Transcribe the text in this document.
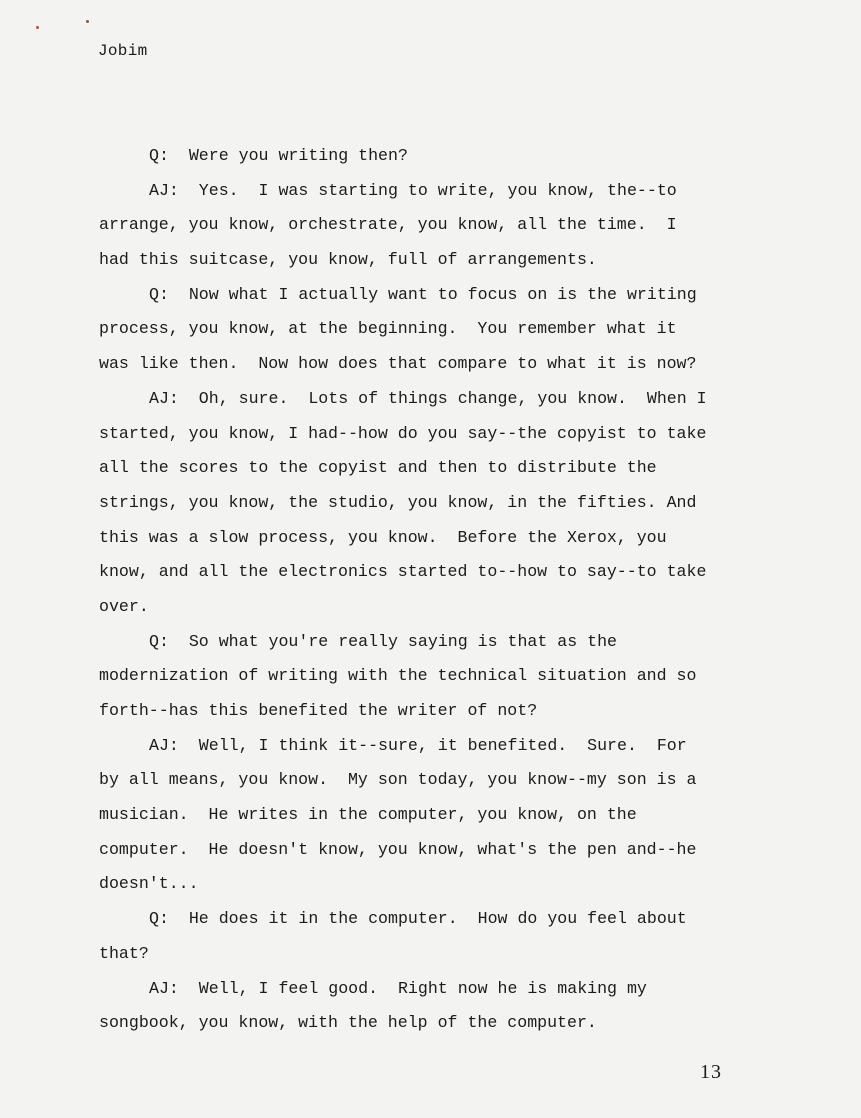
Jobim
Q:  Were you writing then?
AJ:  Yes.  I was starting to write, you know, the--to
arrange, you know, orchestrate, you know, all the time.  I
had this suitcase, you know, full of arrangements.
Q:  Now what I actually want to focus on is the writing
process, you know, at the beginning.  You remember what it
was like then.  Now how does that compare to what it is now?
AJ:  Oh, sure.  Lots of things change, you know.  When I
started, you know, I had--how do you say--the copyist to take
all the scores to the copyist and then to distribute the
strings, you know, the studio, you know, in the fifties. And
this was a slow process, you know.  Before the Xerox, you
know, and all the electronics started to--how to say--to take
over.
Q:  So what you're really saying is that as the
modernization of writing with the technical situation and so
forth--has this benefited the writer of not?
AJ:  Well, I think it--sure, it benefited.  Sure.  For
by all means, you know.  My son today, you know--my son is a
musician.  He writes in the computer, you know, on the
computer.  He doesn't know, you know, what's the pen and--he
doesn't...
Q:  He does it in the computer.  How do you feel about
that?
AJ:  Well, I feel good.  Right now he is making my
songbook, you know, with the help of the computer.
13
